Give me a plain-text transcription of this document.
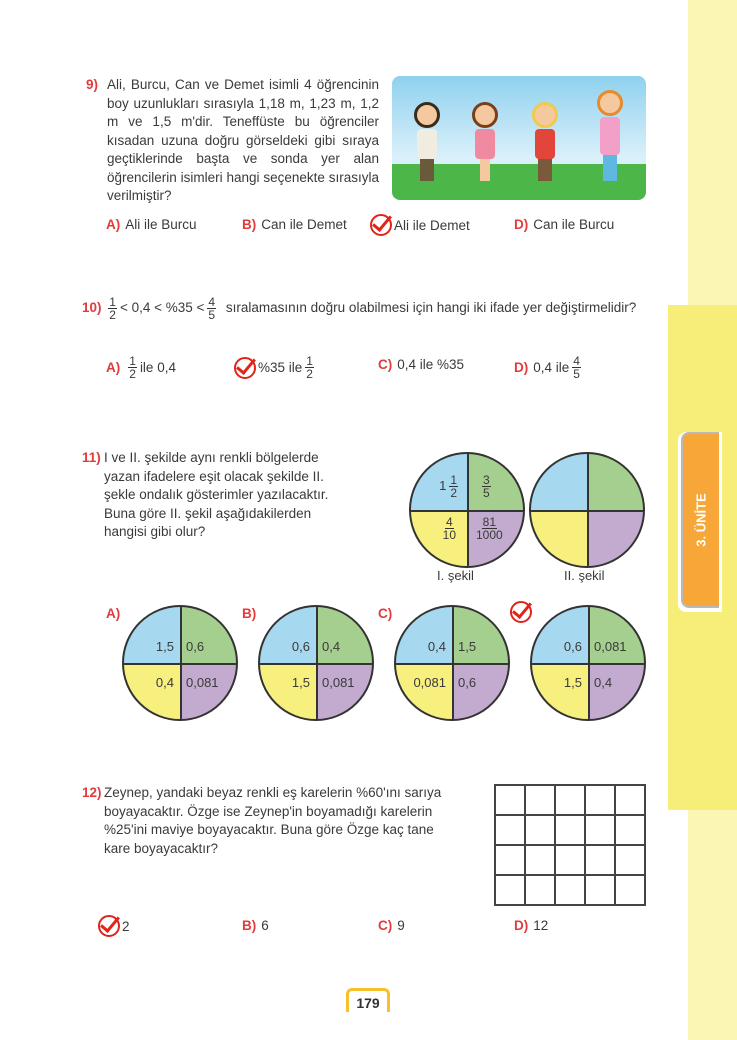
3. ÜNİTE
9) Ali, Burcu, Can ve Demet isimli 4 öğrencinin boy uzunlukları sırasıyla 1,18 m, 1,23 m, 1,2 m ve 1,5 m'dir. Teneffüste bu öğrenciler kısadan uzuna doğru görseldeki gibi sıraya geçtiklerinde başta ve sonda yer alan öğrencilerin isimleri hangi seçenekte sırasıyla verilmiştir?
A) Ali ile Burcu	B) Can ile Demet	Ali ile Demet	D) Can ile Burcu
$10) \frac{1}{2} < 0,4 < \%35 < \frac{4}{5}$ sıralamasının doğru olabilmesi için hangi iki ifade yer değiştirmelidir?
$A) \frac{1}{2}$ ile 0,4	%35 ile $\frac{1}{2}$	C) 0,4 ile %35	D) 0,4 ile $\frac{4}{5}$
11) I ve II. şekilde aynı renkli bölgelerde yazan ifadelere eşit olacak şekilde II. şekle ondalık gösterimler yazılacaktır. Buna göre II. şekil aşağıdakilerden hangisi gibi olur?
$1 \frac{1}{2} \frac{3}{5}$
$\frac{4}{10} \frac{81}{1000}$
I. şekil	II. şekil
A)
1,5 0,6
0,4 0,081
B)
0,6 0,4
1,5 0,081
C)
0,4 1,5
0,081 0,6
0,6 0,081
1,5 0,4
12) Zeynep, yandaki beyaz renkli eş karelerin %60'ını sarıya boyayacaktır. Özge ise Zeynep'in boyamadığı karelerin %25'ini maviye boyayacaktır. Buna göre Özge kaç tane kare boyayacaktır?
2	B) 6	C) 9	D) 12
179
